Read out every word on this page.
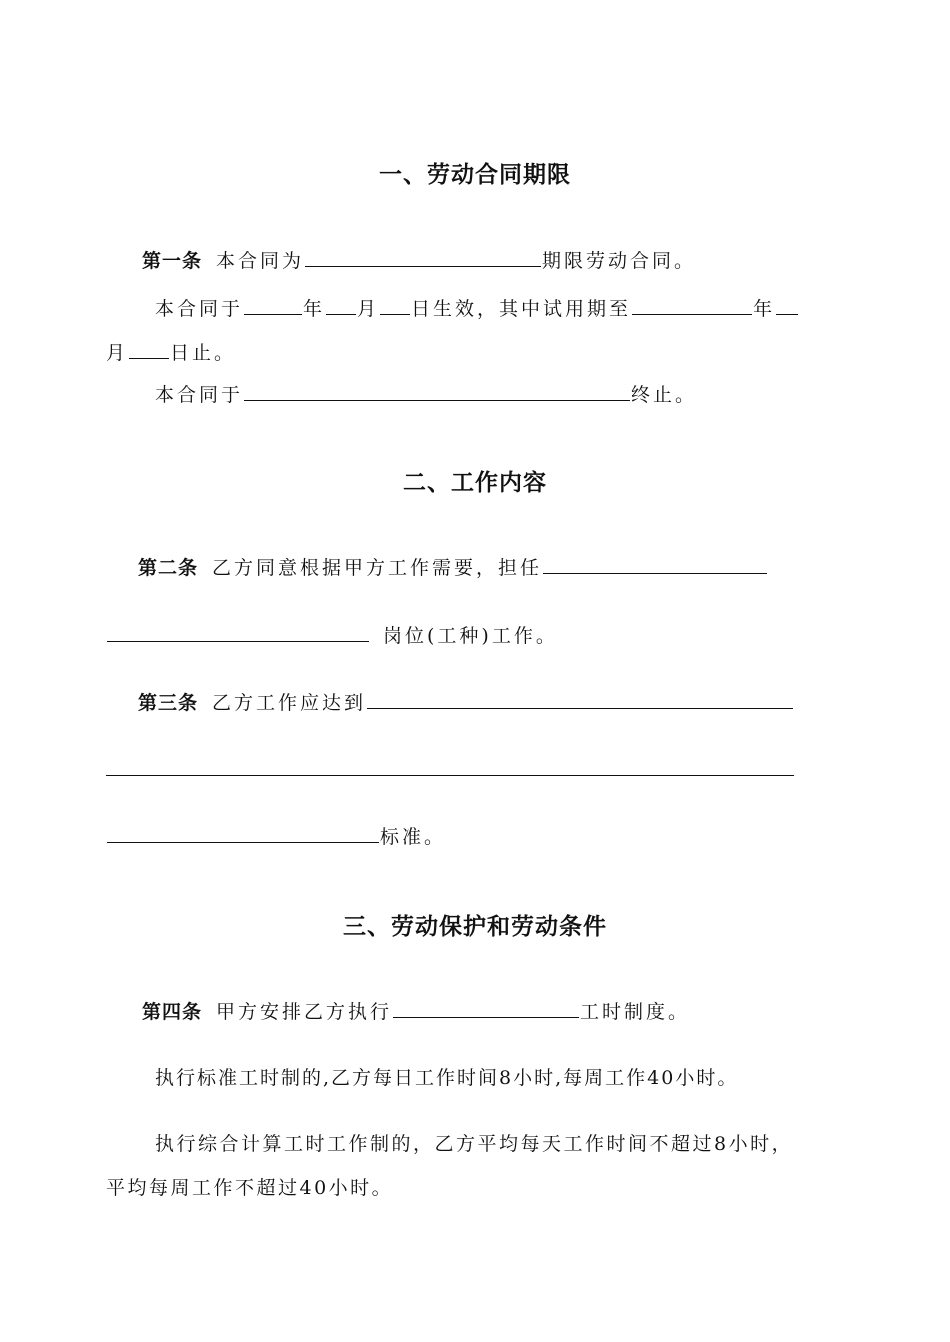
一、劳动合同期限
第一条 本合同为	期限劳动合同。
本合同于	年 月 日生效，其中试用期至	年
月 日止。
本合同于	终止。
二、工作内容
第二条 乙方同意根据甲方工作需要，担任
岗位(工种)工作。
第三条 乙方工作应达到
标准。
三、劳动保护和劳动条件
第四条 甲方安排乙方执行	工时制度。
执行标准工时制的,乙方每日工作时间8小时,每周工作40小时。
执行综合计算工时工作制的，乙方平均每天工作时间不超过8小时，
平均每周工作不超过40小时。
